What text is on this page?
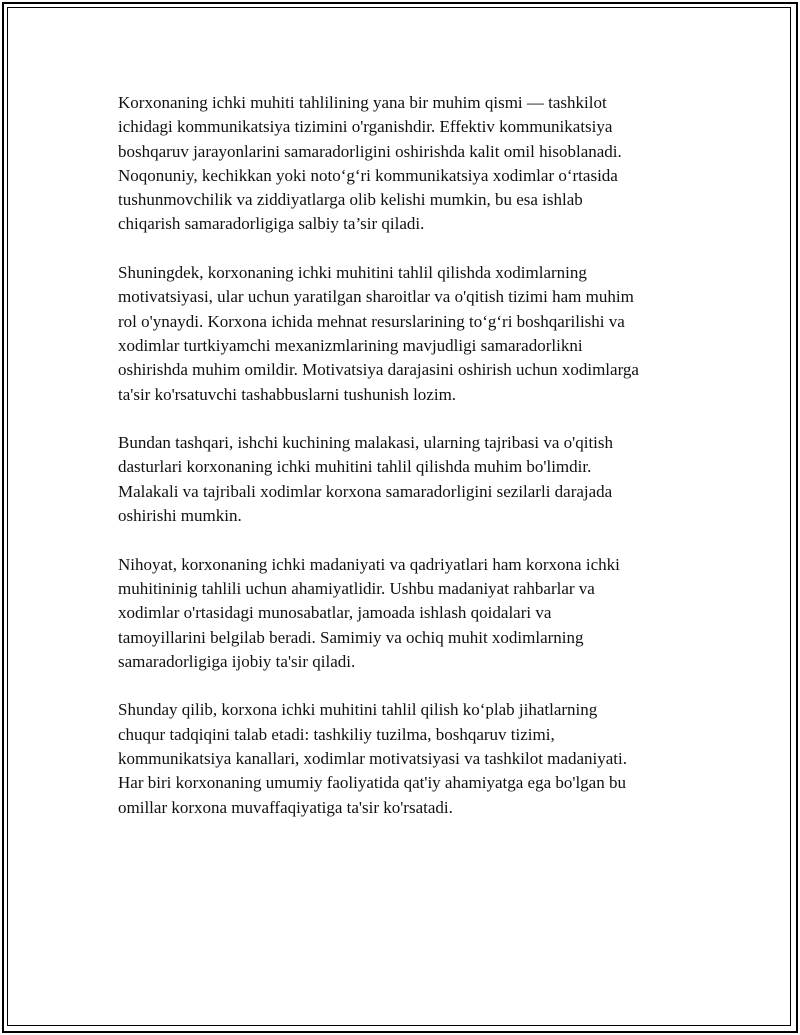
Korxonaning ichki muhiti tahlilining yana bir muhim qismi — tashkilot
ichidagi kommunikatsiya tizimini o'rganishdir. Effektiv kommunikatsiya
boshqaruv jarayonlarini samaradorligini oshirishda kalit omil hisoblanadi.
Noqonuniy, kechikkan yoki noto‘g‘ri kommunikatsiya xodimlar o‘rtasida
tushunmovchilik va ziddiyatlarga olib kelishi mumkin, bu esa ishlab
chiqarish samaradorligiga salbiy ta’sir qiladi.

Shuningdek, korxonaning ichki muhitini tahlil qilishda xodimlarning
motivatsiyasi, ular uchun yaratilgan sharoitlar va o'qitish tizimi ham muhim
rol o'ynaydi. Korxona ichida mehnat resurslarining to‘g‘ri boshqarilishi va
xodimlar turtkiyamchi mexanizmlarining mavjudligi samaradorlikni
oshirishda muhim omildir. Motivatsiya darajasini oshirish uchun xodimlarga
ta'sir ko'rsatuvchi tashabbuslarni tushunish lozim.

Bundan tashqari, ishchi kuchining malakasi, ularning tajribasi va o'qitish
dasturlari korxonaning ichki muhitini tahlil qilishda muhim bo'limdir.
Malakali va tajribali xodimlar korxona samaradorligini sezilarli darajada
oshirishi mumkin.

Nihoyat, korxonaning ichki madaniyati va qadriyatlari ham korxona ichki
muhitininig tahlili uchun ahamiyatlidir. Ushbu madaniyat rahbarlar va
xodimlar o'rtasidagi munosabatlar, jamoada ishlash qoidalari va
tamoyillarini belgilab beradi. Samimiy va ochiq muhit xodimlarning
samaradorligiga ijobiy ta'sir qiladi.

Shunday qilib, korxona ichki muhitini tahlil qilish ko‘plab jihatlarning
chuqur tadqiqini talab etadi: tashkiliy tuzilma, boshqaruv tizimi,
kommunikatsiya kanallari, xodimlar motivatsiyasi va tashkilot madaniyati.
Har biri korxonaning umumiy faoliyatida qat'iy ahamiyatga ega bo'lgan bu
omillar korxona muvaffaqiyatiga ta'sir ko'rsatadi.
